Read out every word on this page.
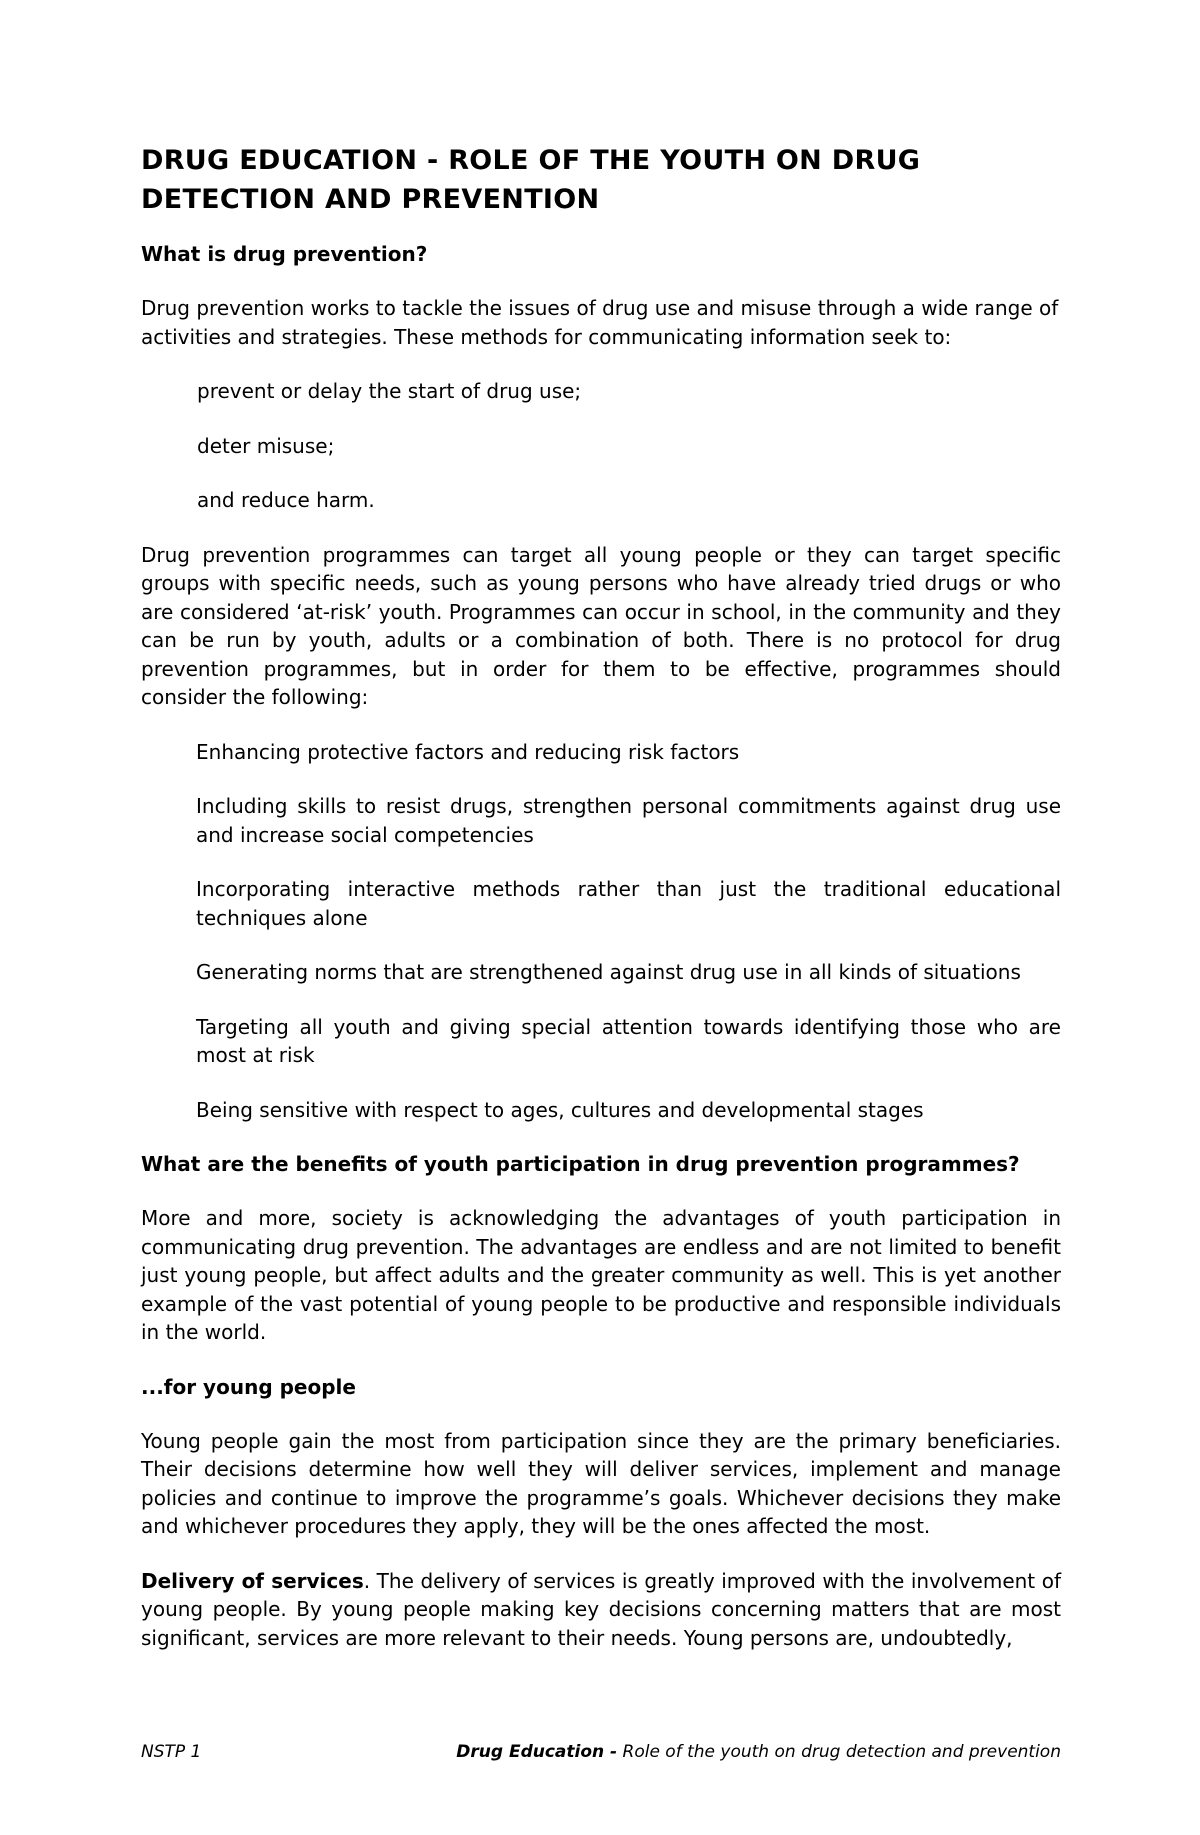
DRUG EDUCATION - ROLE OF THE YOUTH ON DRUG DETECTION AND PREVENTION
What is drug prevention?

Drug prevention works to tackle the issues of drug use and misuse through a wide range of activities and strategies. These methods for communicating information seek to:

prevent or delay the start of drug use;
deter misuse;
and reduce harm.

Drug prevention programmes can target all young people or they can target specific groups with specific needs, such as young persons who have already tried drugs or who are considered ‘at-risk’ youth. Programmes can occur in school, in the community and they can be run by youth, adults or a combination of both. There is no protocol for drug prevention programmes, but in order for them to be effective, programmes should consider the following:

Enhancing protective factors and reducing risk factors
Including skills to resist drugs, strengthen personal commitments against drug use and increase social competencies
Incorporating interactive methods rather than just the traditional educational techniques alone
Generating norms that are strengthened against drug use in all kinds of situations
Targeting all youth and giving special attention towards identifying those who are most at risk
Being sensitive with respect to ages, cultures and developmental stages
What are the benefits of youth participation in drug prevention programmes?

More and more, society is acknowledging the advantages of youth participation in communicating drug prevention. The advantages are endless and are not limited to benefit just young people, but affect adults and the greater community as well. This is yet another example of the vast potential of young people to be productive and responsible individuals in the world.

...for young people

Young people gain the most from participation since they are the primary beneficiaries. Their decisions determine how well they will deliver services, implement and manage policies and continue to improve the programme’s goals. Whichever decisions they make and whichever procedures they apply, they will be the ones affected the most.

Delivery of services. The delivery of services is greatly improved with the involvement of young people. By young people making key decisions concerning matters that are most significant, services are more relevant to their needs. Young persons are, undoubtedly,

NSTP 1	Drug Education - Role of the youth on drug detection and prevention
